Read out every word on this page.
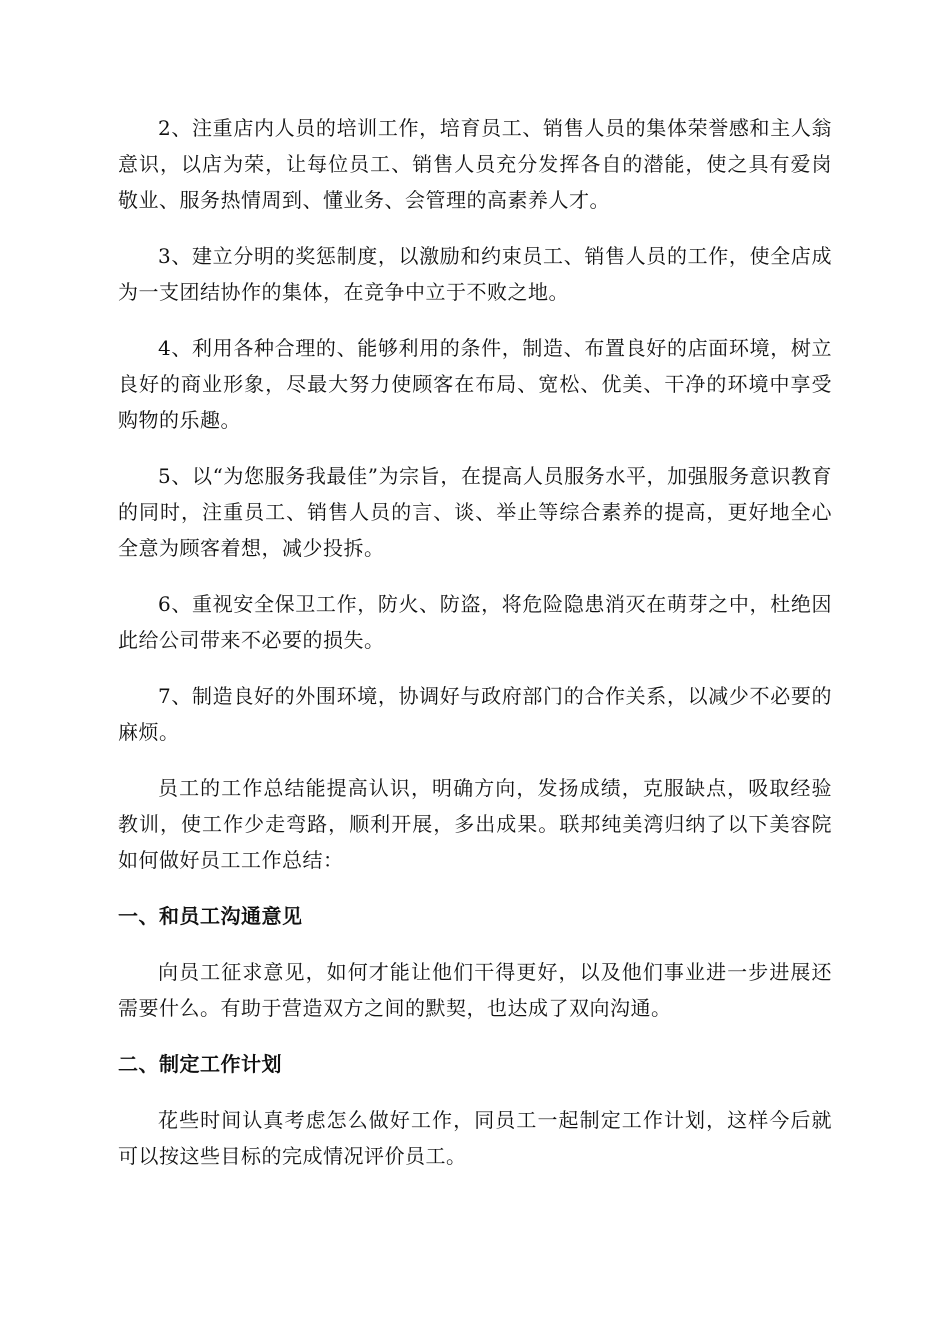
2、注重店内人员的培训工作，培育员工、销售人员的集体荣誉感和主人翁意识，以店为荣，让每位员工、销售人员充分发挥各自的潜能，使之具有爱岗敬业、服务热情周到、懂业务、会管理的高素养人才。

3、建立分明的奖惩制度，以激励和约束员工、销售人员的工作，使全店成为一支团结协作的集体，在竞争中立于不败之地。

4、利用各种合理的、能够利用的条件，制造、布置良好的店面环境，树立良好的商业形象，尽最大努力使顾客在布局、宽松、优美、干净的环境中享受购物的乐趣。

5、以“为您服务我最佳”为宗旨，在提高人员服务水平，加强服务意识教育的同时，注重员工、销售人员的言、谈、举止等综合素养的提高，更好地全心全意为顾客着想，减少投拆。

6、重视安全保卫工作，防火、防盗，将危险隐患消灭在萌芽之中，杜绝因此给公司带来不必要的损失。

7、制造良好的外围环境，协调好与政府部门的合作关系，以减少不必要的麻烦。

员工的工作总结能提高认识，明确方向，发扬成绩，克服缺点，吸取经验教训，使工作少走弯路，顺利开展，多出成果。联邦纯美湾归纳了以下美容院如何做好员工工作总结：

一、和员工沟通意见

向员工征求意见，如何才能让他们干得更好，以及他们事业进一步进展还需要什么。有助于营造双方之间的默契，也达成了双向沟通。

二、制定工作计划

花些时间认真考虑怎么做好工作，同员工一起制定工作计划，这样今后就可以按这些目标的完成情况评价员工。
